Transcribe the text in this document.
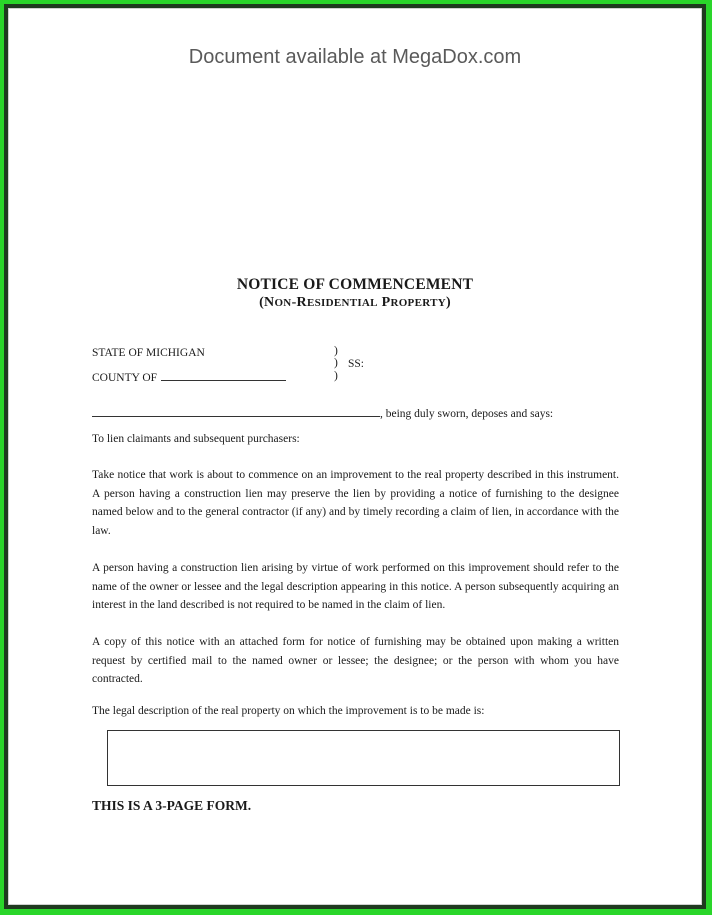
Document available at MegaDox.com
NOTICE OF COMMENCEMENT
(NON-RESIDENTIAL PROPERTY)
STATE OF MICHIGAN
COUNTY OF
)
)
)
SS:
, being duly sworn, deposes and says:
To lien claimants and subsequent purchasers:
Take notice that work is about to commence on an improvement to the real property described in this instrument. A person having a construction lien may preserve the lien by providing a notice of furnishing to the designee named below and to the general contractor (if any) and by timely recording a claim of lien, in accordance with the law.
A person having a construction lien arising by virtue of work performed on this improvement should refer to the name of the owner or lessee and the legal description appearing in this notice. A person subsequently acquiring an interest in the land described is not required to be named in the claim of lien.
A copy of this notice with an attached form for notice of furnishing may be obtained upon making a written request by certified mail to the named owner or lessee; the designee; or the person with whom you have contracted.
The legal description of the real property on which the improvement is to be made is:
THIS IS A 3-PAGE FORM.
